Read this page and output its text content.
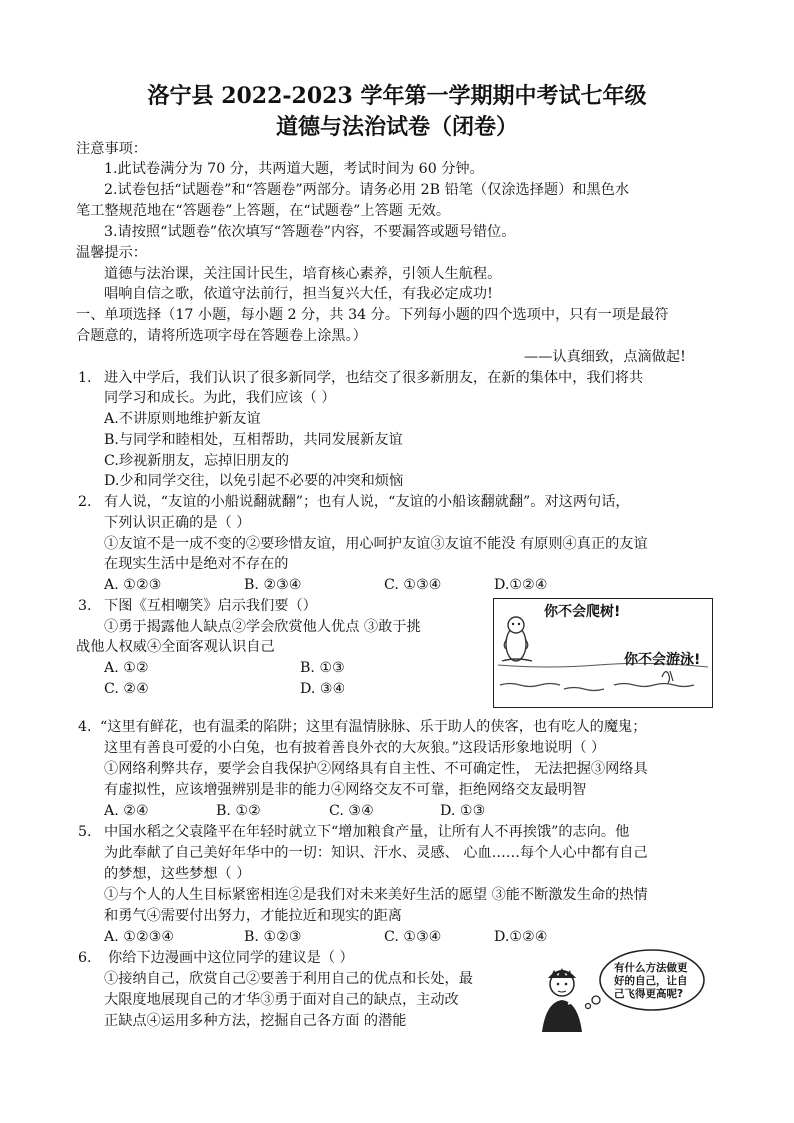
洛宁县 2022-2023 学年第一学期期中考试七年级
道德与法治试卷（闭卷）
注意事项：
1.此试卷满分为 70 分，共两道大题，考试时间为 60 分钟。
2.试卷包括“试题卷”和“答题卷”两部分。请务必用 2B 铅笔（仅涂选择题）和黑色水
笔工整规范地在“答题卷”上答题，在“试题卷”上答题 无效。
3.请按照“试题卷”依次填写“答题卷”内容，不要漏答或题号错位。
温馨提示：
道德与法治课，关注国计民生，培育核心素养，引领人生航程。
唱响自信之歌，依道守法前行，担当复兴大任，有我必定成功!
一、单项选择（17 小题，每小题 2 分，共 34 分。下列每小题的四个选项中，只有一项是最符
合题意的，请将所选项字母在答题卷上涂黑。）
——认真细致，点滴做起!
1. 进入中学后，我们认识了很多新同学，也结交了很多新朋友，在新的集体中，我们将共
同学习和成长。为此，我们应该（ ）
A.不讲原则地维护新友谊
B.与同学和睦相处，互相帮助，共同发展新友谊
C.珍视新朋友，忘掉旧朋友的
D.少和同学交往，以免引起不必要的冲突和烦恼
2. 有人说，“友谊的小船说翻就翻”；也有人说，“友谊的小船该翻就翻”。对这两句话，
下列认识正确的是（ ）
①友谊不是一成不变的②要珍惜友谊，用心呵护友谊③友谊不能没 有原则④真正的友谊
在现实生活中是绝对不存在的
A. ①②③	B. ②③④	C. ①③④	D.①②④
3. 下图《互相嘲笑》启示我们要（）
①勇于揭露他人缺点②学会欣赏他人优点 ③敢于挑
战他人权威④全面客观认识自己
A. ①②	B. ①③
C. ②④	D. ③④
你不会爬树!
你不会游泳!
4. “这里有鲜花，也有温柔的陷阱；这里有温情脉脉、乐于助人的侠客，也有吃人的魔鬼；
这里有善良可爱的小白兔，也有披着善良外衣的大灰狼。”这段话形象地说明（ ）
①网络利弊共存，要学会自我保护②网络具有自主性、不可确定性， 无法把握③网络具
有虚拟性，应该增强辨别是非的能力④网络交友不可靠，拒绝网络交友最明智
A. ②④	B. ①②	C. ③④	D. ①③
5. 中国水稻之父袁隆平在年轻时就立下“增加粮食产量，让所有人不再挨饿”的志向。他
为此奉献了自己美好年华中的一切：知识、汗水、灵感、 心血……每个人心中都有自己
的梦想，这些梦想（ ）
①与个人的人生目标紧密相连②是我们对未来美好生活的愿望 ③能不断激发生命的热情
和勇气④需要付出努力，才能拉近和现实的距离
A. ①②③④	B. ①②③	C. ①③④	D.①②④
6. 你给下边漫画中这位同学的建议是（ ）
①接纳自己，欣赏自己②要善于利用自己的优点和长处，最
大限度地展现自己的才华③勇于面对自己的缺点，主动改
正缺点④运用多种方法，挖掘自己各方面 的潜能
有什么方法做更
好的自己，让自
己飞得更高呢?
